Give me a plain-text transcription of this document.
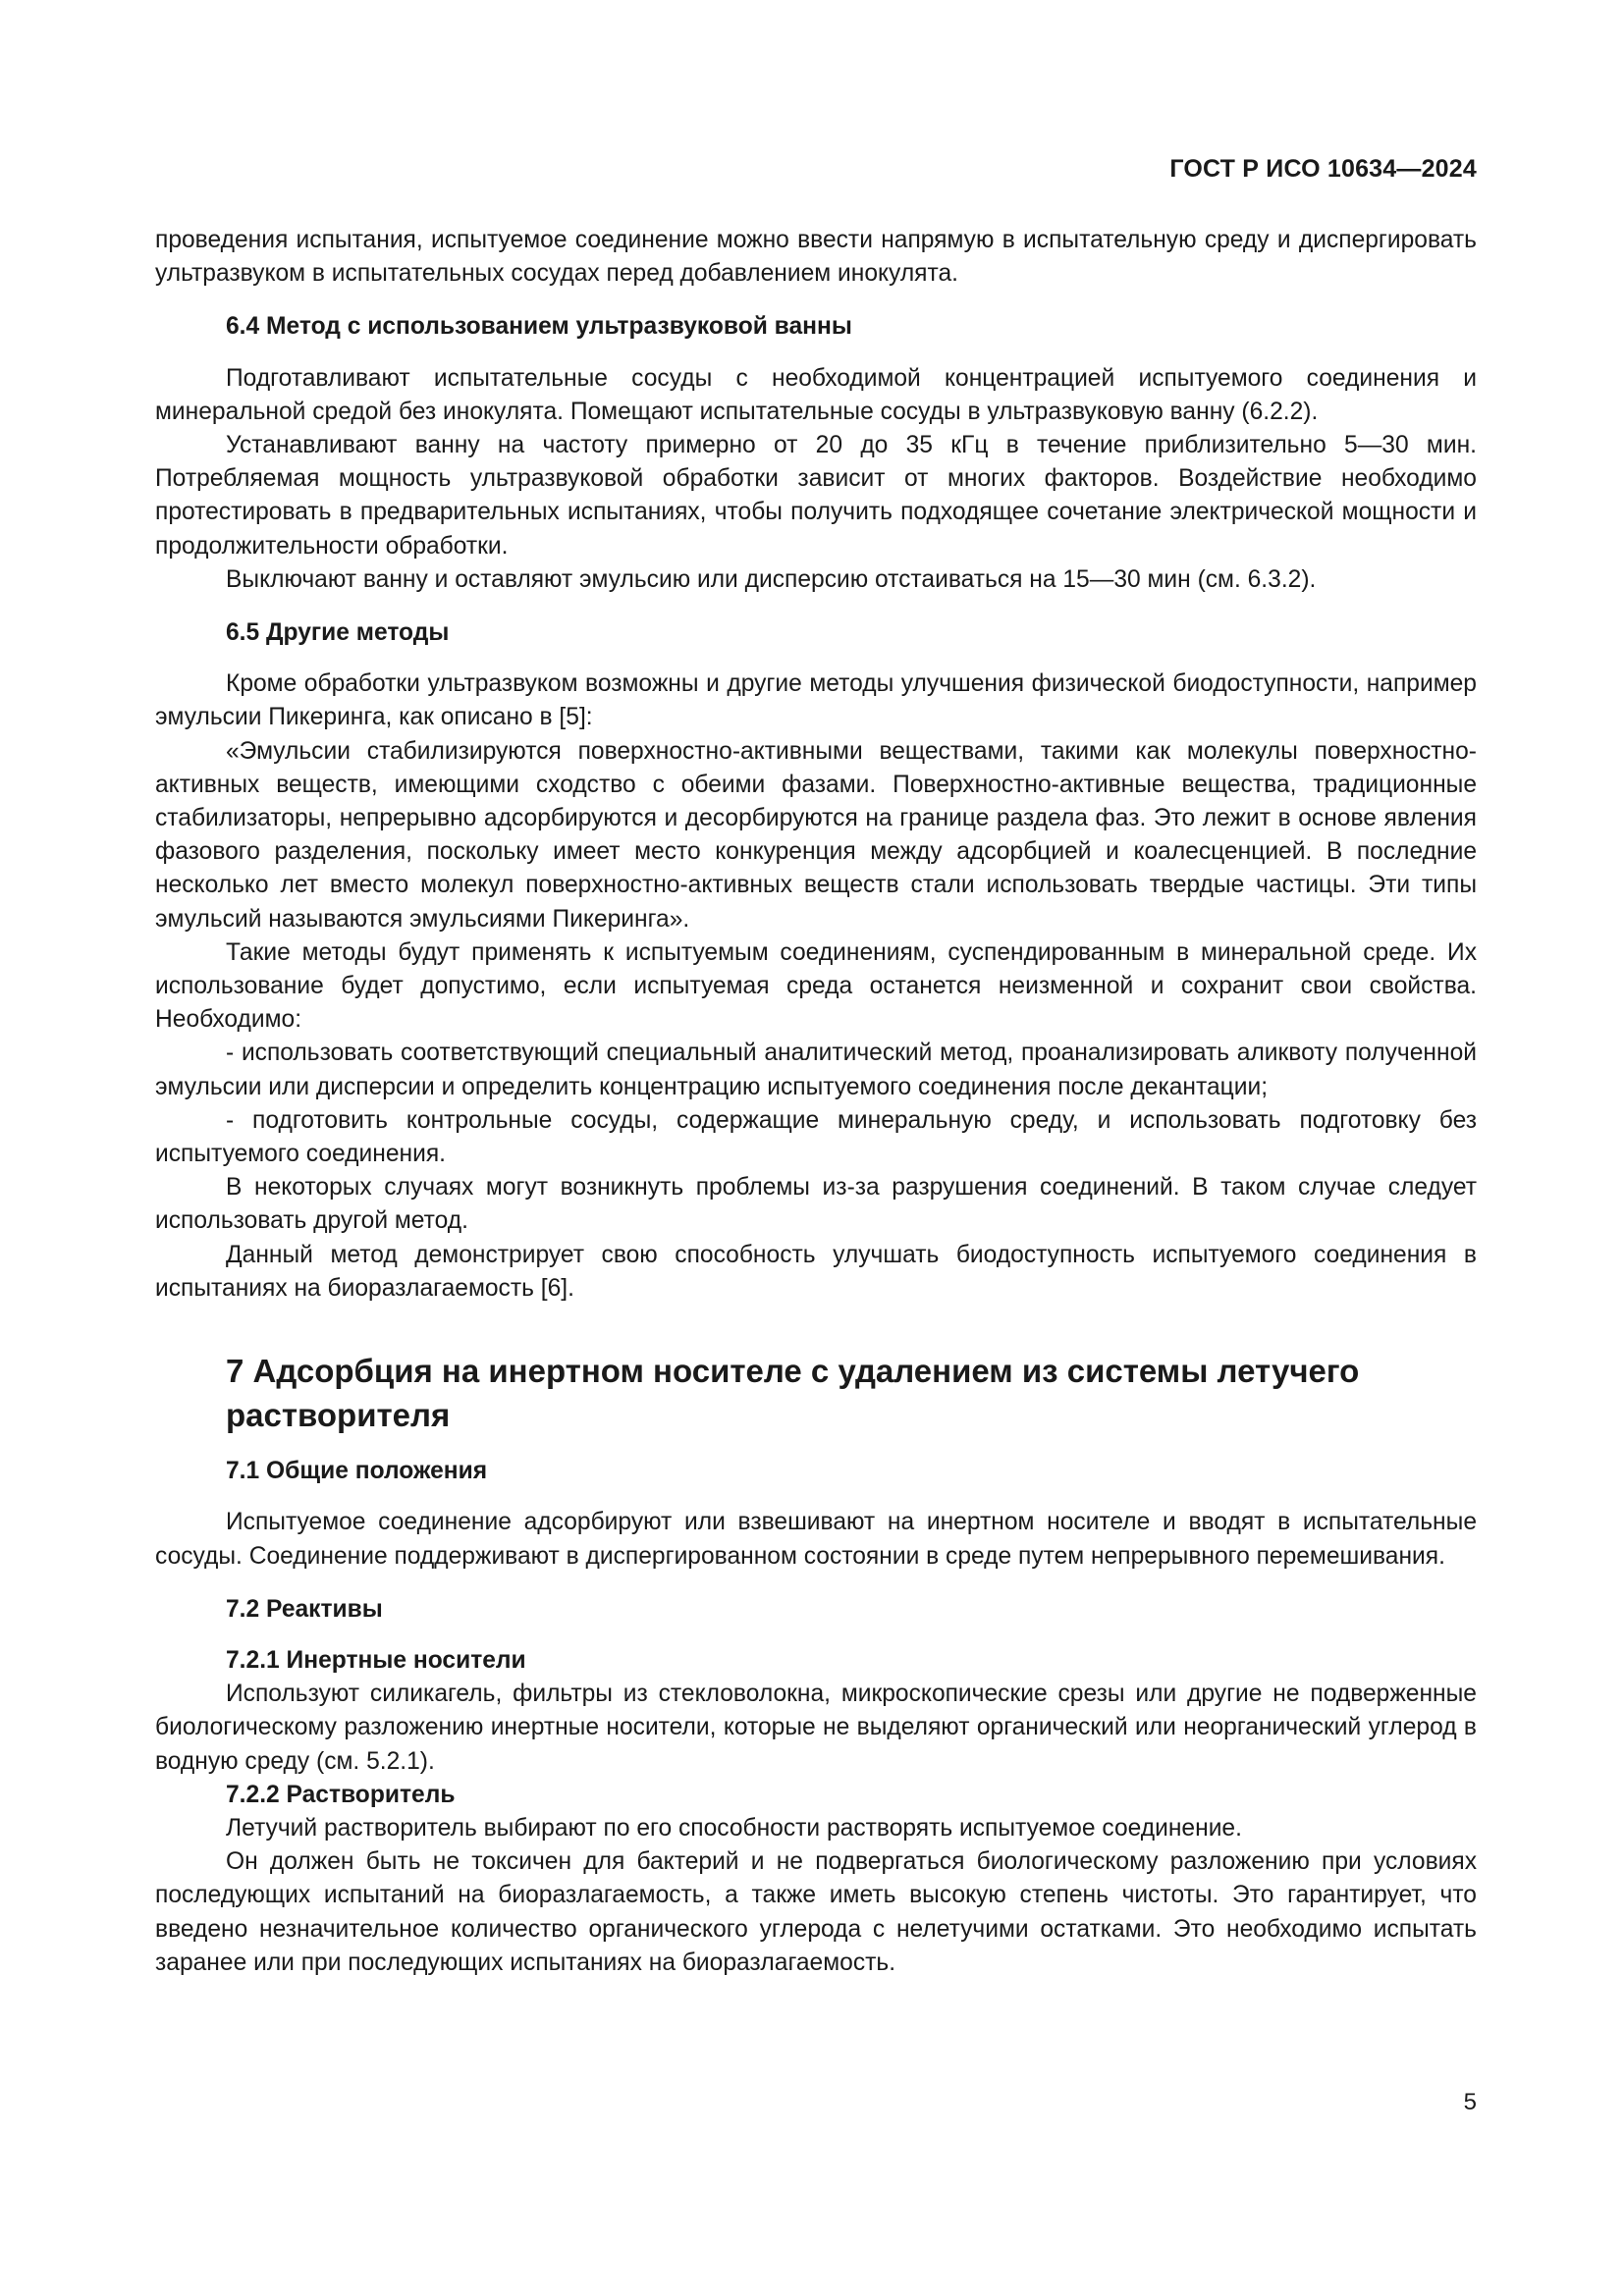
ГОСТ Р ИСО 10634—2024

проведения испытания, испытуемое соединение можно ввести напрямую в испытательную среду и диспергировать ультразвуком в испытательных сосудах перед добавлением инокулята.

6.4 Метод с использованием ультразвуковой ванны

Подготавливают испытательные сосуды с необходимой концентрацией испытуемого соединения и минеральной средой без инокулята. Помещают испытательные сосуды в ультразвуковую ванну (6.2.2).

Устанавливают ванну на частоту примерно от 20 до 35 кГц в течение приблизительно 5—30 мин. Потребляемая мощность ультразвуковой обработки зависит от многих факторов. Воздействие необходимо протестировать в предварительных испытаниях, чтобы получить подходящее сочетание электрической мощности и продолжительности обработки.

Выключают ванну и оставляют эмульсию или дисперсию отстаиваться на 15—30 мин (см. 6.3.2).

6.5 Другие методы

Кроме обработки ультразвуком возможны и другие методы улучшения физической биодоступности, например эмульсии Пикеринга, как описано в [5]:

«Эмульсии стабилизируются поверхностно-активными веществами, такими как молекулы поверхностно-активных веществ, имеющими сходство с обеими фазами. Поверхностно-активные вещества, традиционные стабилизаторы, непрерывно адсорбируются и десорбируются на границе раздела фаз. Это лежит в основе явления фазового разделения, поскольку имеет место конкуренция между адсорбцией и коалесценцией. В последние несколько лет вместо молекул поверхностно-активных веществ стали использовать твердые частицы. Эти типы эмульсий называются эмульсиями Пикеринга».

Такие методы будут применять к испытуемым соединениям, суспендированным в минеральной среде. Их использование будет допустимо, если испытуемая среда останется неизменной и сохранит свои свойства. Необходимо:

- использовать соответствующий специальный аналитический метод, проанализировать аликвоту полученной эмульсии или дисперсии и определить концентрацию испытуемого соединения после декантации;

- подготовить контрольные сосуды, содержащие минеральную среду, и использовать подготовку без испытуемого соединения.

В некоторых случаях могут возникнуть проблемы из-за разрушения соединений. В таком случае следует использовать другой метод.

Данный метод демонстрирует свою способность улучшать биодоступность испытуемого соединения в испытаниях на биоразлагаемость [6].

7 Адсорбция на инертном носителе с удалением из системы летучего растворителя
7.1 Общие положения

Испытуемое соединение адсорбируют или взвешивают на инертном носителе и вводят в испытательные сосуды. Соединение поддерживают в диспергированном состоянии в среде путем непрерывного перемешивания.

7.2 Реактивы
7.2.1 Инертные носители

Используют силикагель, фильтры из стекловолокна, микроскопические срезы или другие не подверженные биологическому разложению инертные носители, которые не выделяют органический или неорганический углерод в водную среду (см. 5.2.1).

7.2.2 Растворитель

Летучий растворитель выбирают по его способности растворять испытуемое соединение.

Он должен быть не токсичен для бактерий и не подвергаться биологическому разложению при условиях последующих испытаний на биоразлагаемость, а также иметь высокую степень чистоты. Это гарантирует, что введено незначительное количество органического углерода с нелетучими остатками. Это необходимо испытать заранее или при последующих испытаниях на биоразлагаемость.

5
